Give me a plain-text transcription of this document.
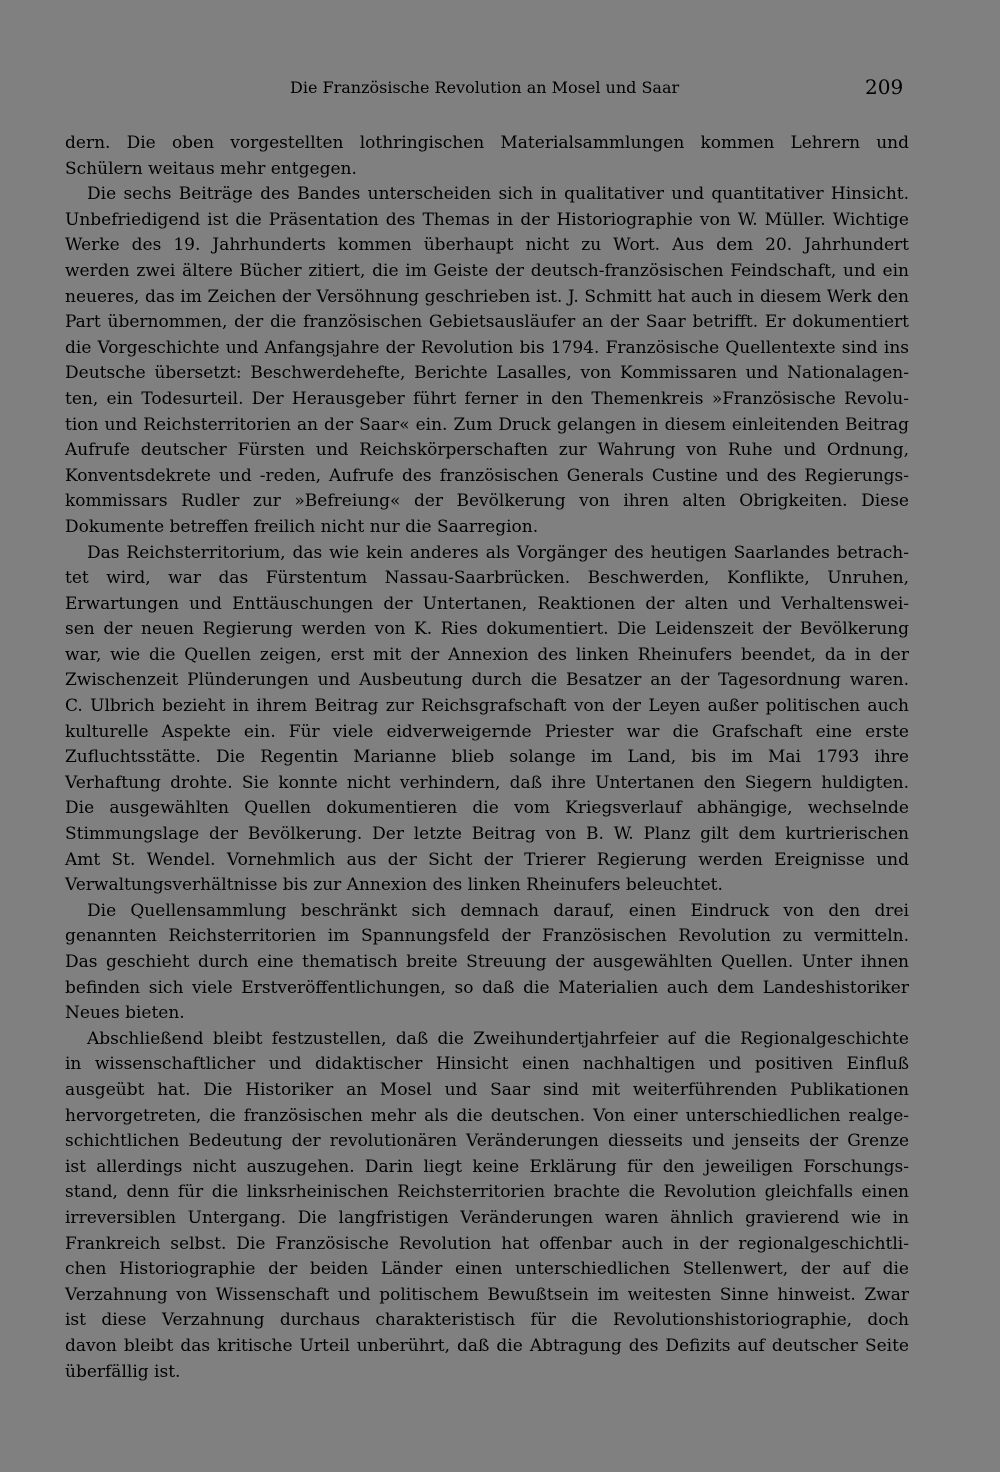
Die Französische Revolution an Mosel und Saar	209
dern. Die oben vorgestellten lothringischen Materialsammlungen kommen Lehrern und
Schülern weitaus mehr entgegen.
Die sechs Beiträge des Bandes unterscheiden sich in qualitativer und quantitativer Hinsicht.
Unbefriedigend ist die Präsentation des Themas in der Historiographie von W. Müller. Wichtige
Werke des 19. Jahrhunderts kommen überhaupt nicht zu Wort. Aus dem 20. Jahrhundert
werden zwei ältere Bücher zitiert, die im Geiste der deutsch-französischen Feindschaft, und ein
neueres, das im Zeichen der Versöhnung geschrieben ist. J. Schmitt hat auch in diesem Werk den
Part übernommen, der die französischen Gebietsausläufer an der Saar betrifft. Er dokumentiert
die Vorgeschichte und Anfangsjahre der Revolution bis 1794. Französische Quellentexte sind ins
Deutsche übersetzt: Beschwerdehefte, Berichte Lasalles, von Kommissaren und Nationalagen-
ten, ein Todesurteil. Der Herausgeber führt ferner in den Themenkreis »Französische Revolu-
tion und Reichsterritorien an der Saar« ein. Zum Druck gelangen in diesem einleitenden Beitrag
Aufrufe deutscher Fürsten und Reichskörperschaften zur Wahrung von Ruhe und Ordnung,
Konventsdekrete und -reden, Aufrufe des französischen Generals Custine und des Regierungs-
kommissars Rudler zur »Befreiung« der Bevölkerung von ihren alten Obrigkeiten. Diese
Dokumente betreffen freilich nicht nur die Saarregion.
Das Reichsterritorium, das wie kein anderes als Vorgänger des heutigen Saarlandes betrach-
tet wird, war das Fürstentum Nassau-Saarbrücken. Beschwerden, Konflikte, Unruhen,
Erwartungen und Enttäuschungen der Untertanen, Reaktionen der alten und Verhaltenswei-
sen der neuen Regierung werden von K. Ries dokumentiert. Die Leidenszeit der Bevölkerung
war, wie die Quellen zeigen, erst mit der Annexion des linken Rheinufers beendet, da in der
Zwischenzeit Plünderungen und Ausbeutung durch die Besatzer an der Tagesordnung waren.
C. Ulbrich bezieht in ihrem Beitrag zur Reichsgrafschaft von der Leyen außer politischen auch
kulturelle Aspekte ein. Für viele eidverweigernde Priester war die Grafschaft eine erste
Zufluchtsstätte. Die Regentin Marianne blieb solange im Land, bis im Mai 1793 ihre
Verhaftung drohte. Sie konnte nicht verhindern, daß ihre Untertanen den Siegern huldigten.
Die ausgewählten Quellen dokumentieren die vom Kriegsverlauf abhängige, wechselnde
Stimmungslage der Bevölkerung. Der letzte Beitrag von B. W. Planz gilt dem kurtrierischen
Amt St. Wendel. Vornehmlich aus der Sicht der Trierer Regierung werden Ereignisse und
Verwaltungsverhältnisse bis zur Annexion des linken Rheinufers beleuchtet.
Die Quellensammlung beschränkt sich demnach darauf, einen Eindruck von den drei
genannten Reichsterritorien im Spannungsfeld der Französischen Revolution zu vermitteln.
Das geschieht durch eine thematisch breite Streuung der ausgewählten Quellen. Unter ihnen
befinden sich viele Erstveröffentlichungen, so daß die Materialien auch dem Landeshistoriker
Neues bieten.
Abschließend bleibt festzustellen, daß die Zweihundertjahrfeier auf die Regionalgeschichte
in wissenschaftlicher und didaktischer Hinsicht einen nachhaltigen und positiven Einfluß
ausgeübt hat. Die Historiker an Mosel und Saar sind mit weiterführenden Publikationen
hervorgetreten, die französischen mehr als die deutschen. Von einer unterschiedlichen realge-
schichtlichen Bedeutung der revolutionären Veränderungen diesseits und jenseits der Grenze
ist allerdings nicht auszugehen. Darin liegt keine Erklärung für den jeweiligen Forschungs-
stand, denn für die linksrheinischen Reichsterritorien brachte die Revolution gleichfalls einen
irreversiblen Untergang. Die langfristigen Veränderungen waren ähnlich gravierend wie in
Frankreich selbst. Die Französische Revolution hat offenbar auch in der regionalgeschichtli-
chen Historiographie der beiden Länder einen unterschiedlichen Stellenwert, der auf die
Verzahnung von Wissenschaft und politischem Bewußtsein im weitesten Sinne hinweist. Zwar
ist diese Verzahnung durchaus charakteristisch für die Revolutionshistoriographie, doch
davon bleibt das kritische Urteil unberührt, daß die Abtragung des Defizits auf deutscher Seite
überfällig ist.
